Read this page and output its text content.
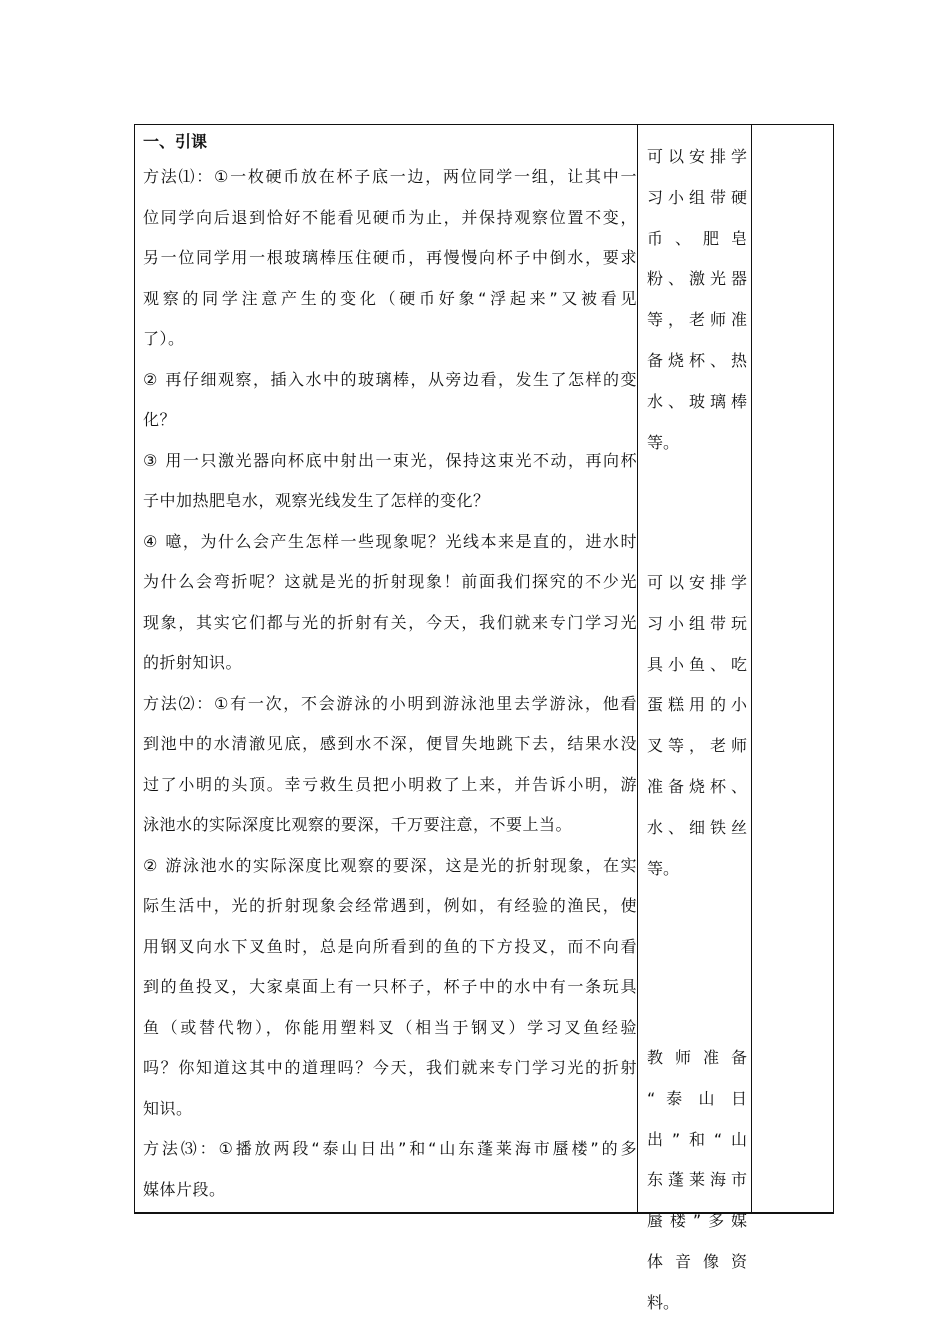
一、引课
方法⑴：①一枚硬币放在杯子底一边，两位同学一组，让其中一
位同学向后退到恰好不能看见硬币为止，并保持观察位置不变，
另一位同学用一根玻璃棒压住硬币，再慢慢向杯子中倒水，要求
观察的同学注意产生的变化（硬币好象“浮起来”又被看见
了）。
② 再仔细观察，插入水中的玻璃棒，从旁边看，发生了怎样的变
化？
③ 用一只激光器向杯底中射出一束光，保持这束光不动，再向杯
子中加热肥皂水，观察光线发生了怎样的变化？
④ 噫，为什么会产生怎样一些现象呢？光线本来是直的，进水时
为什么会弯折呢？这就是光的折射现象！前面我们探究的不少光
现象，其实它们都与光的折射有关，今天，我们就来专门学习光
的折射知识。
方法⑵：①有一次，不会游泳的小明到游泳池里去学游泳，他看
到池中的水清澈见底，感到水不深，便冒失地跳下去，结果水没
过了小明的头顶。幸亏救生员把小明救了上来，并告诉小明，游
泳池水的实际深度比观察的要深，千万要注意，不要上当。
② 游泳池水的实际深度比观察的要深，这是光的折射现象，在实
际生活中，光的折射现象会经常遇到，例如，有经验的渔民，使
用钢叉向水下叉鱼时，总是向所看到的鱼的下方投叉，而不向看
到的鱼投叉，大家桌面上有一只杯子，杯子中的水中有一条玩具
鱼（或替代物），你能用塑料叉（相当于钢叉）学习叉鱼经验
吗？你知道这其中的道理吗？今天，我们就来专门学习光的折射
知识。
方法⑶：①播放两段“泰山日出”和“山东蓬莱海市蜃楼”的多
媒体片段。
可以安排学
习小组带硬
币 、 肥 皂
粉、激光器
等，老师准
备烧杯、热
水、玻璃棒
等。
可以安排学
习小组带玩
具小鱼、吃
蛋糕用的小
叉等，老师
准备烧杯、
水、细铁丝
等。
教师准备
“ 泰 山 日
出”和“山
东蓬莱海市
蜃楼”多媒
体音像资
料。
